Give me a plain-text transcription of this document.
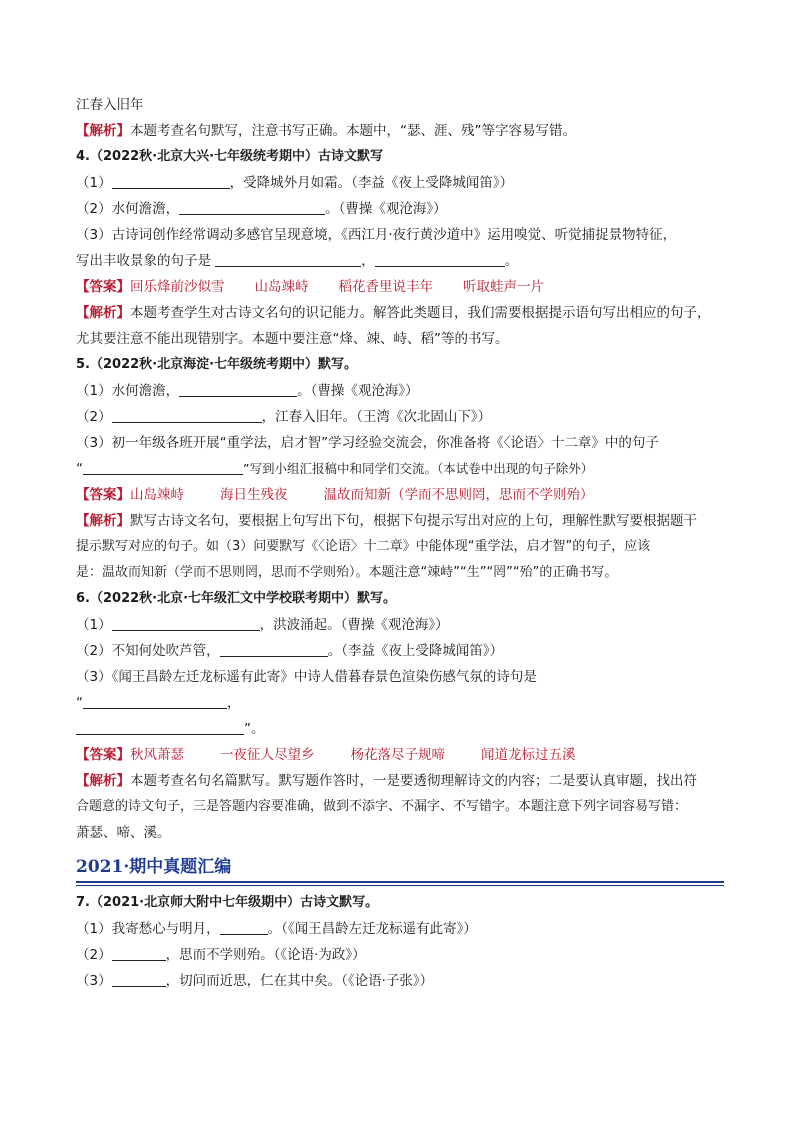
江春入旧年
【解析】本题考查名句默写，注意书写正确。本题中，“瑟、涯、残”等字容易写错。
4.（2022秋·北京大兴·七年级统考期中）古诗文默写
（1）	，受降城外月如霜。（李益《夜上受降城闻笛》）
（2）水何澹澹，	。（曹操《观沧海》）
（3）古诗词创作经常调动多感官呈现意境，《西江月·夜行黄沙道中》运用嗅觉、听觉捕捉景物特征，
写出丰收景象的句子是	，	。
【答案】回乐烽前沙似雪 山岛竦峙 稻花香里说丰年 听取蛙声一片
【解析】本题考查学生对古诗文名句的识记能力。解答此类题目，我们需要根据提示语句写出相应的句子，
尤其要注意不能出现错别字。本题中要注意“烽、竦、峙、稻”等的书写。
5.（2022秋·北京海淀·七年级统考期中）默写。
（1）水何澹澹，	。（曹操《观沧海》）
（2）	，江春入旧年。（王湾《次北固山下》）
（3）初一年级各班开展“重学法，启才智”学习经验交流会，你准备将《〈论语〉十二章》中的句子
“	”写到小组汇报稿中和同学们交流。（本试卷中出现的句子除外）
【答案】山岛竦峙	海日生残夜	温故而知新（学而不思则罔，思而不学则殆）
【解析】默写古诗文名句，要根据上句写出下句，根据下句提示写出对应的上句，理解性默写要根据题干
提示默写对应的句子。如（3）问要默写《〈论语〉十二章》中能体现“重学法，启才智”的句子，应该
是：温故而知新（学而不思则罔，思而不学则殆）。本题注意“竦峙”“生”“罔”“殆”的正确书写。
6.（2022秋·北京·七年级汇文中学校联考期中）默写。
（1）	，洪波涌起。（曹操《观沧海》）
（2）不知何处吹芦管，	。（李益《夜上受降城闻笛》）
（3）《闻王昌龄左迁龙标遥有此寄》中诗人借暮春景色渲染伤感气氛的诗句是
“	，
”。
【答案】秋风萧瑟	一夜征人尽望乡	杨花落尽子规啼	闻道龙标过五溪
【解析】本题考查名句名篇默写。默写题作答时，一是要透彻理解诗文的内容；二是要认真审题，找出符
合题意的诗文句子，三是答题内容要准确，做到不添字、不漏字、不写错字。本题注意下列字词容易写错：
萧瑟、啼、溪。
2021·期中真题汇编
7.（2021·北京师大附中七年级期中）古诗文默写。
（1）我寄愁心与明月，	。（《闻王昌龄左迁龙标遥有此寄》）
（2）	，思而不学则殆。（《论语·为政》）
（3）	，切问而近思，仁在其中矣。（《论语·子张》）
